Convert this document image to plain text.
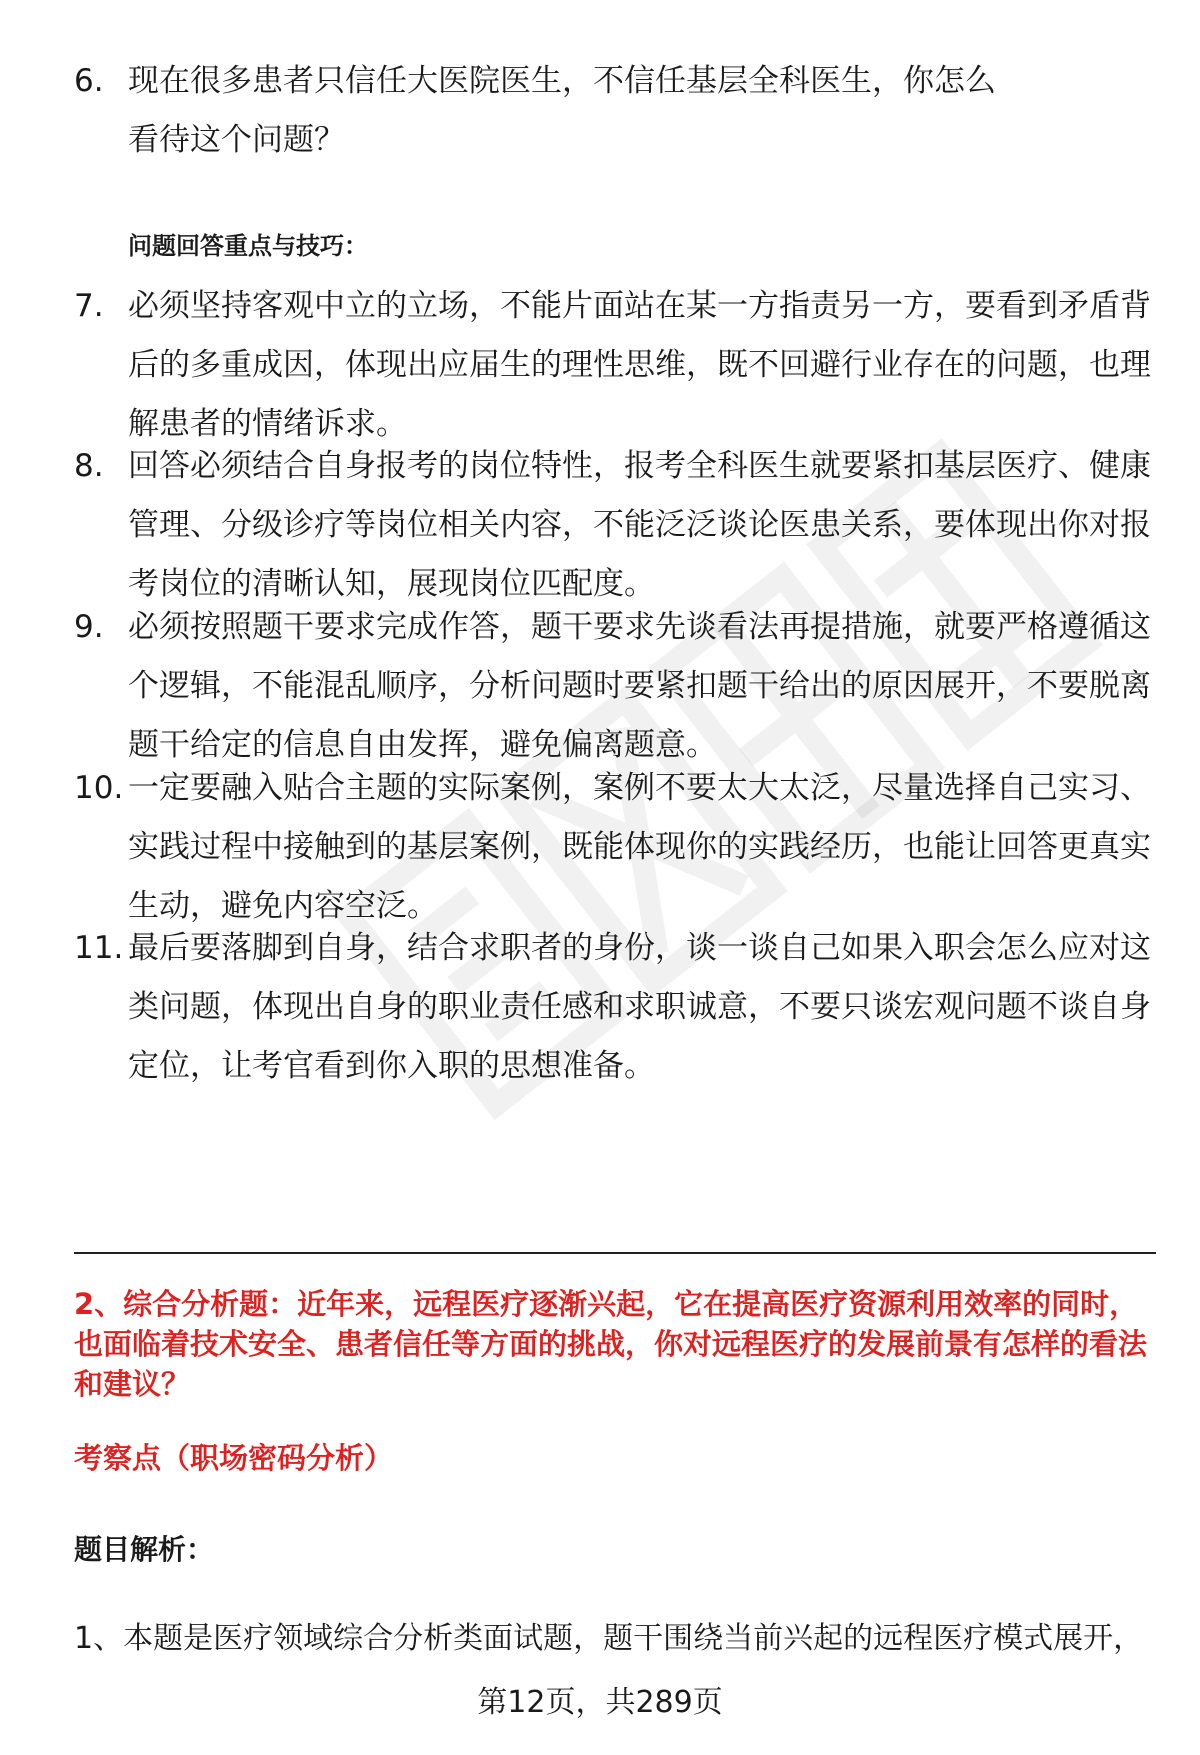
6. 现在很多患者只信任大医院医生，不信任基层全科医生，你怎么看待这个问题？
问题回答重点与技巧：
7. 必须坚持客观中立的立场，不能片面站在某一方指责另一方，要看到矛盾背后的多重成因，体现出应届生的理性思维，既不回避行业存在的问题，也理解患者的情绪诉求。
8. 回答必须结合自身报考的岗位特性，报考全科医生就要紧扣基层医疗、健康管理、分级诊疗等岗位相关内容，不能泛泛谈论医患关系，要体现出你对报考岗位的清晰认知，展现岗位匹配度。
9. 必须按照题干要求完成作答，题干要求先谈看法再提措施，就要严格遵循这个逻辑，不能混乱顺序，分析问题时要紧扣题干给出的原因展开，不要脱离题干给定的信息自由发挥，避免偏离题意。
10. 一定要融入贴合主题的实际案例，案例不要太大太泛，尽量选择自己实习、实践过程中接触到的基层案例，既能体现你的实践经历，也能让回答更真实生动，避免内容空泛。
11. 最后要落脚到自身，结合求职者的身份，谈一谈自己如果入职会怎么应对这类问题，体现出自身的职业责任感和求职诚意，不要只谈宏观问题不谈自身定位，让考官看到你入职的思想准备。
2、综合分析题：近年来，远程医疗逐渐兴起，它在提高医疗资源利用效率的同时，也面临着技术安全、患者信任等方面的挑战，你对远程医疗的发展前景有怎样的看法和建议？
考察点（职场密码分析）
题目解析：
1、本题是医疗领域综合分析类面试题，题干围绕当前兴起的远程医疗模式展开，
第12页，共289页
